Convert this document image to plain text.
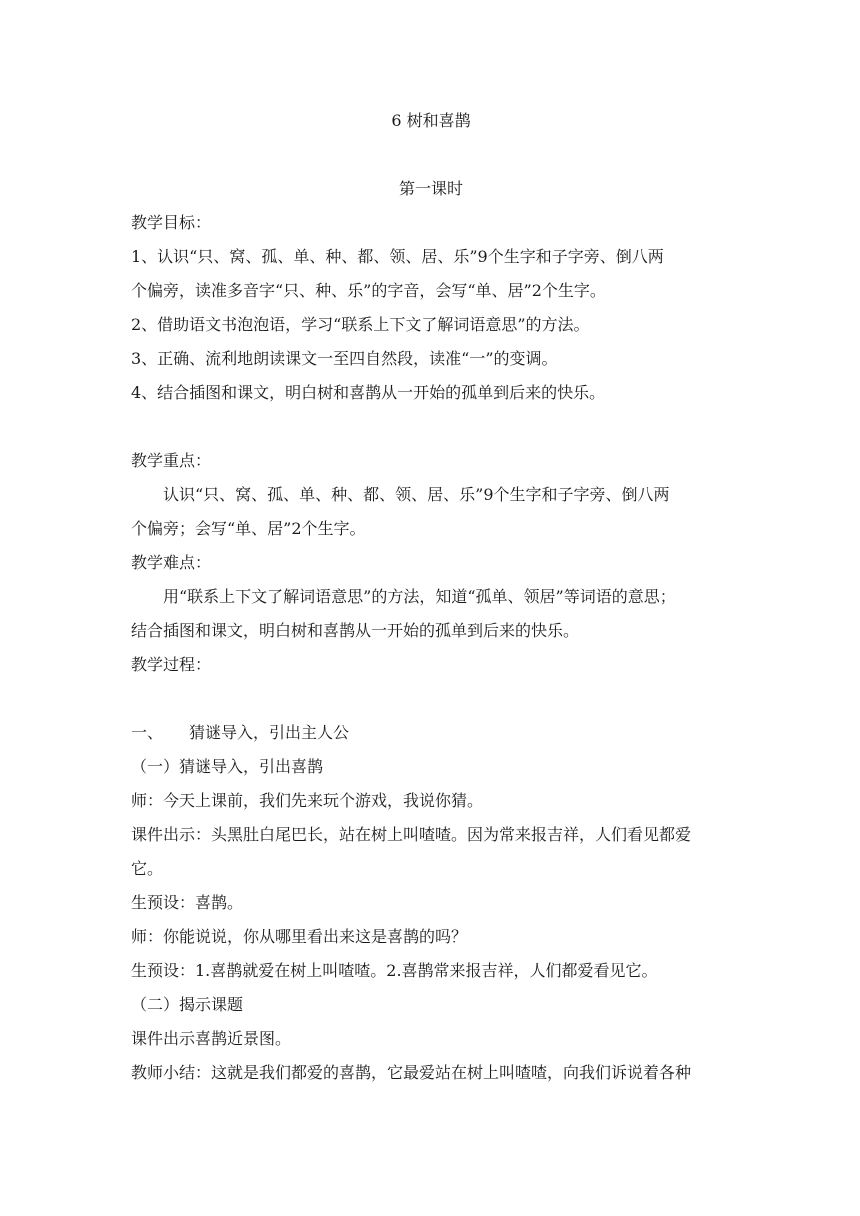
6 树和喜鹊
第一课时
教学目标：
1、认识“只、窝、孤、单、种、都、领、居、乐”9个生字和子字旁、倒八两
个偏旁，读准多音字“只、种、乐”的字音，会写“单、居”2个生字。
2、借助语文书泡泡语，学习“联系上下文了解词语意思”的方法。
3、正确、流利地朗读课文一至四自然段，读准“一”的变调。
4、结合插图和课文，明白树和喜鹊从一开始的孤单到后来的快乐。
教学重点：
认识“只、窝、孤、单、种、都、领、居、乐”9个生字和子字旁、倒八两
个偏旁；会写“单、居”2个生字。
教学难点：
用“联系上下文了解词语意思”的方法，知道“孤单、领居”等词语的意思；
结合插图和课文，明白树和喜鹊从一开始的孤单到后来的快乐。
教学过程：
一、 猜谜导入，引出主人公
（一）猜谜导入，引出喜鹊
师：今天上课前，我们先来玩个游戏，我说你猜。
课件出示：头黑肚白尾巴长，站在树上叫喳喳。因为常来报吉祥，人们看见都爱
它。
生预设：喜鹊。
师：你能说说，你从哪里看出来这是喜鹊的吗？
生预设：1.喜鹊就爱在树上叫喳喳。2.喜鹊常来报吉祥，人们都爱看见它。
（二）揭示课题
课件出示喜鹊近景图。
教师小结：这就是我们都爱的喜鹊，它最爱站在树上叫喳喳，向我们诉说着各种
